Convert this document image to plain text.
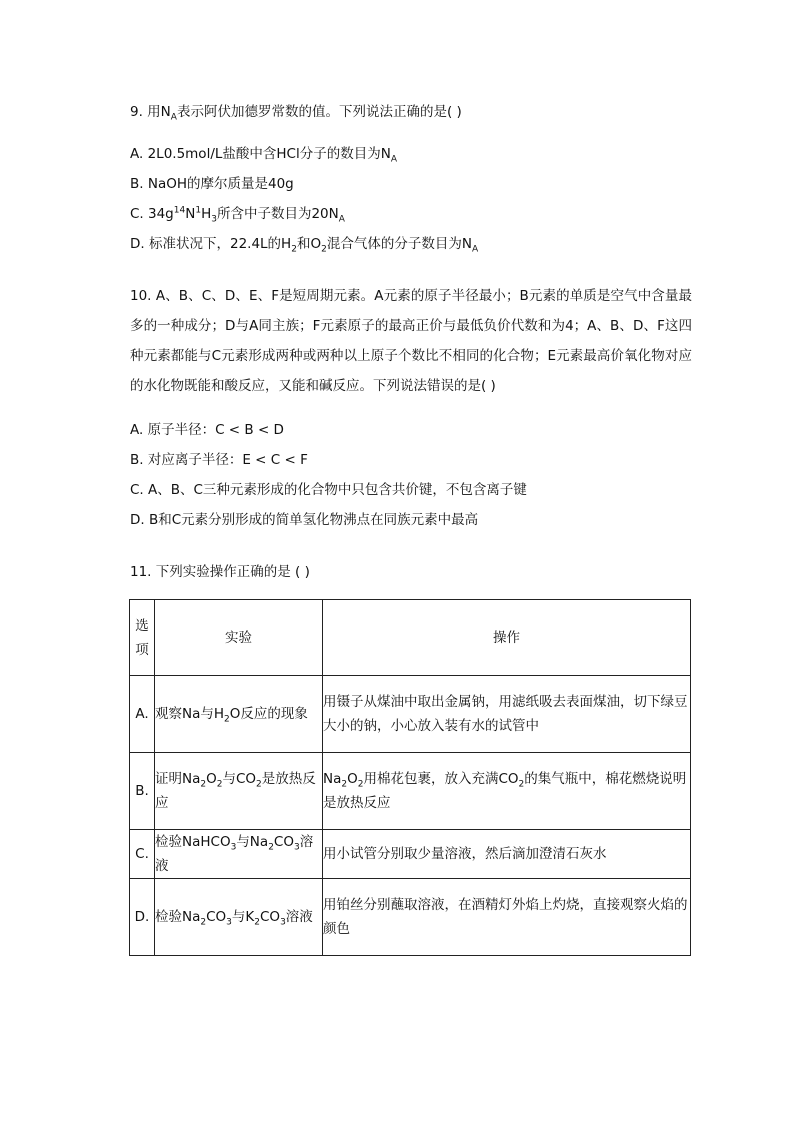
9. 用$N_A$表示阿伏加德罗常数的值。下列说法正确的是( )

A. 2L0.5mol/L盐酸中含HCl分子的数目为$N_A$
B. NaOH的摩尔质量是40g
C. $34g^{14}N^1H_3$所含中子数目为$20N_A$
D. 标准状况下，22.4L的$H_2$和$O_2$混合气体的分子数目为$N_A$

10. A、B、C、D、E、F是短周期元素。A元素的原子半径最小；B元素的单质是空气中含量最多的一种成分；D与A同主族；F元素原子的最高正价与最低负价代数和为4；A、B、D、F这四种元素都能与C元素形成两种或两种以上原子个数比不相同的化合物；E元素最高价氧化物对应的水化物既能和酸反应，又能和碱反应。下列说法错误的是( )

A. 原子半径：C < B < D
B. 对应离子半径：E < C < F
C. A、B、C三种元素形成的化合物中只包含共价键，不包含离子键
D. B和C元素分别形成的简单氢化物沸点在同族元素中最高

11. 下列实验操作正确的是 ( )

选项	实验	操作
A.	观察Na与$H_2O$反应的现象	用镊子从煤油中取出金属钠，用滤纸吸去表面煤油，切下绿豆大小的钠，小心放入装有水的试管中
B.	证明$Na_2O_2$与$CO_2$是放热反应	$Na_2O_2$用棉花包裹，放入充满$CO_2$的集气瓶中，棉花燃烧说明是放热反应
C.	检验NaHCO$_3$与$Na_2CO_3$溶液	用小试管分别取少量溶液，然后滴加澄清石灰水
D.	检验$Na_2CO_3$与$K_2CO_3$溶液	用铂丝分别蘸取溶液，在酒精灯外焰上灼烧，直接观察火焰的颜色
